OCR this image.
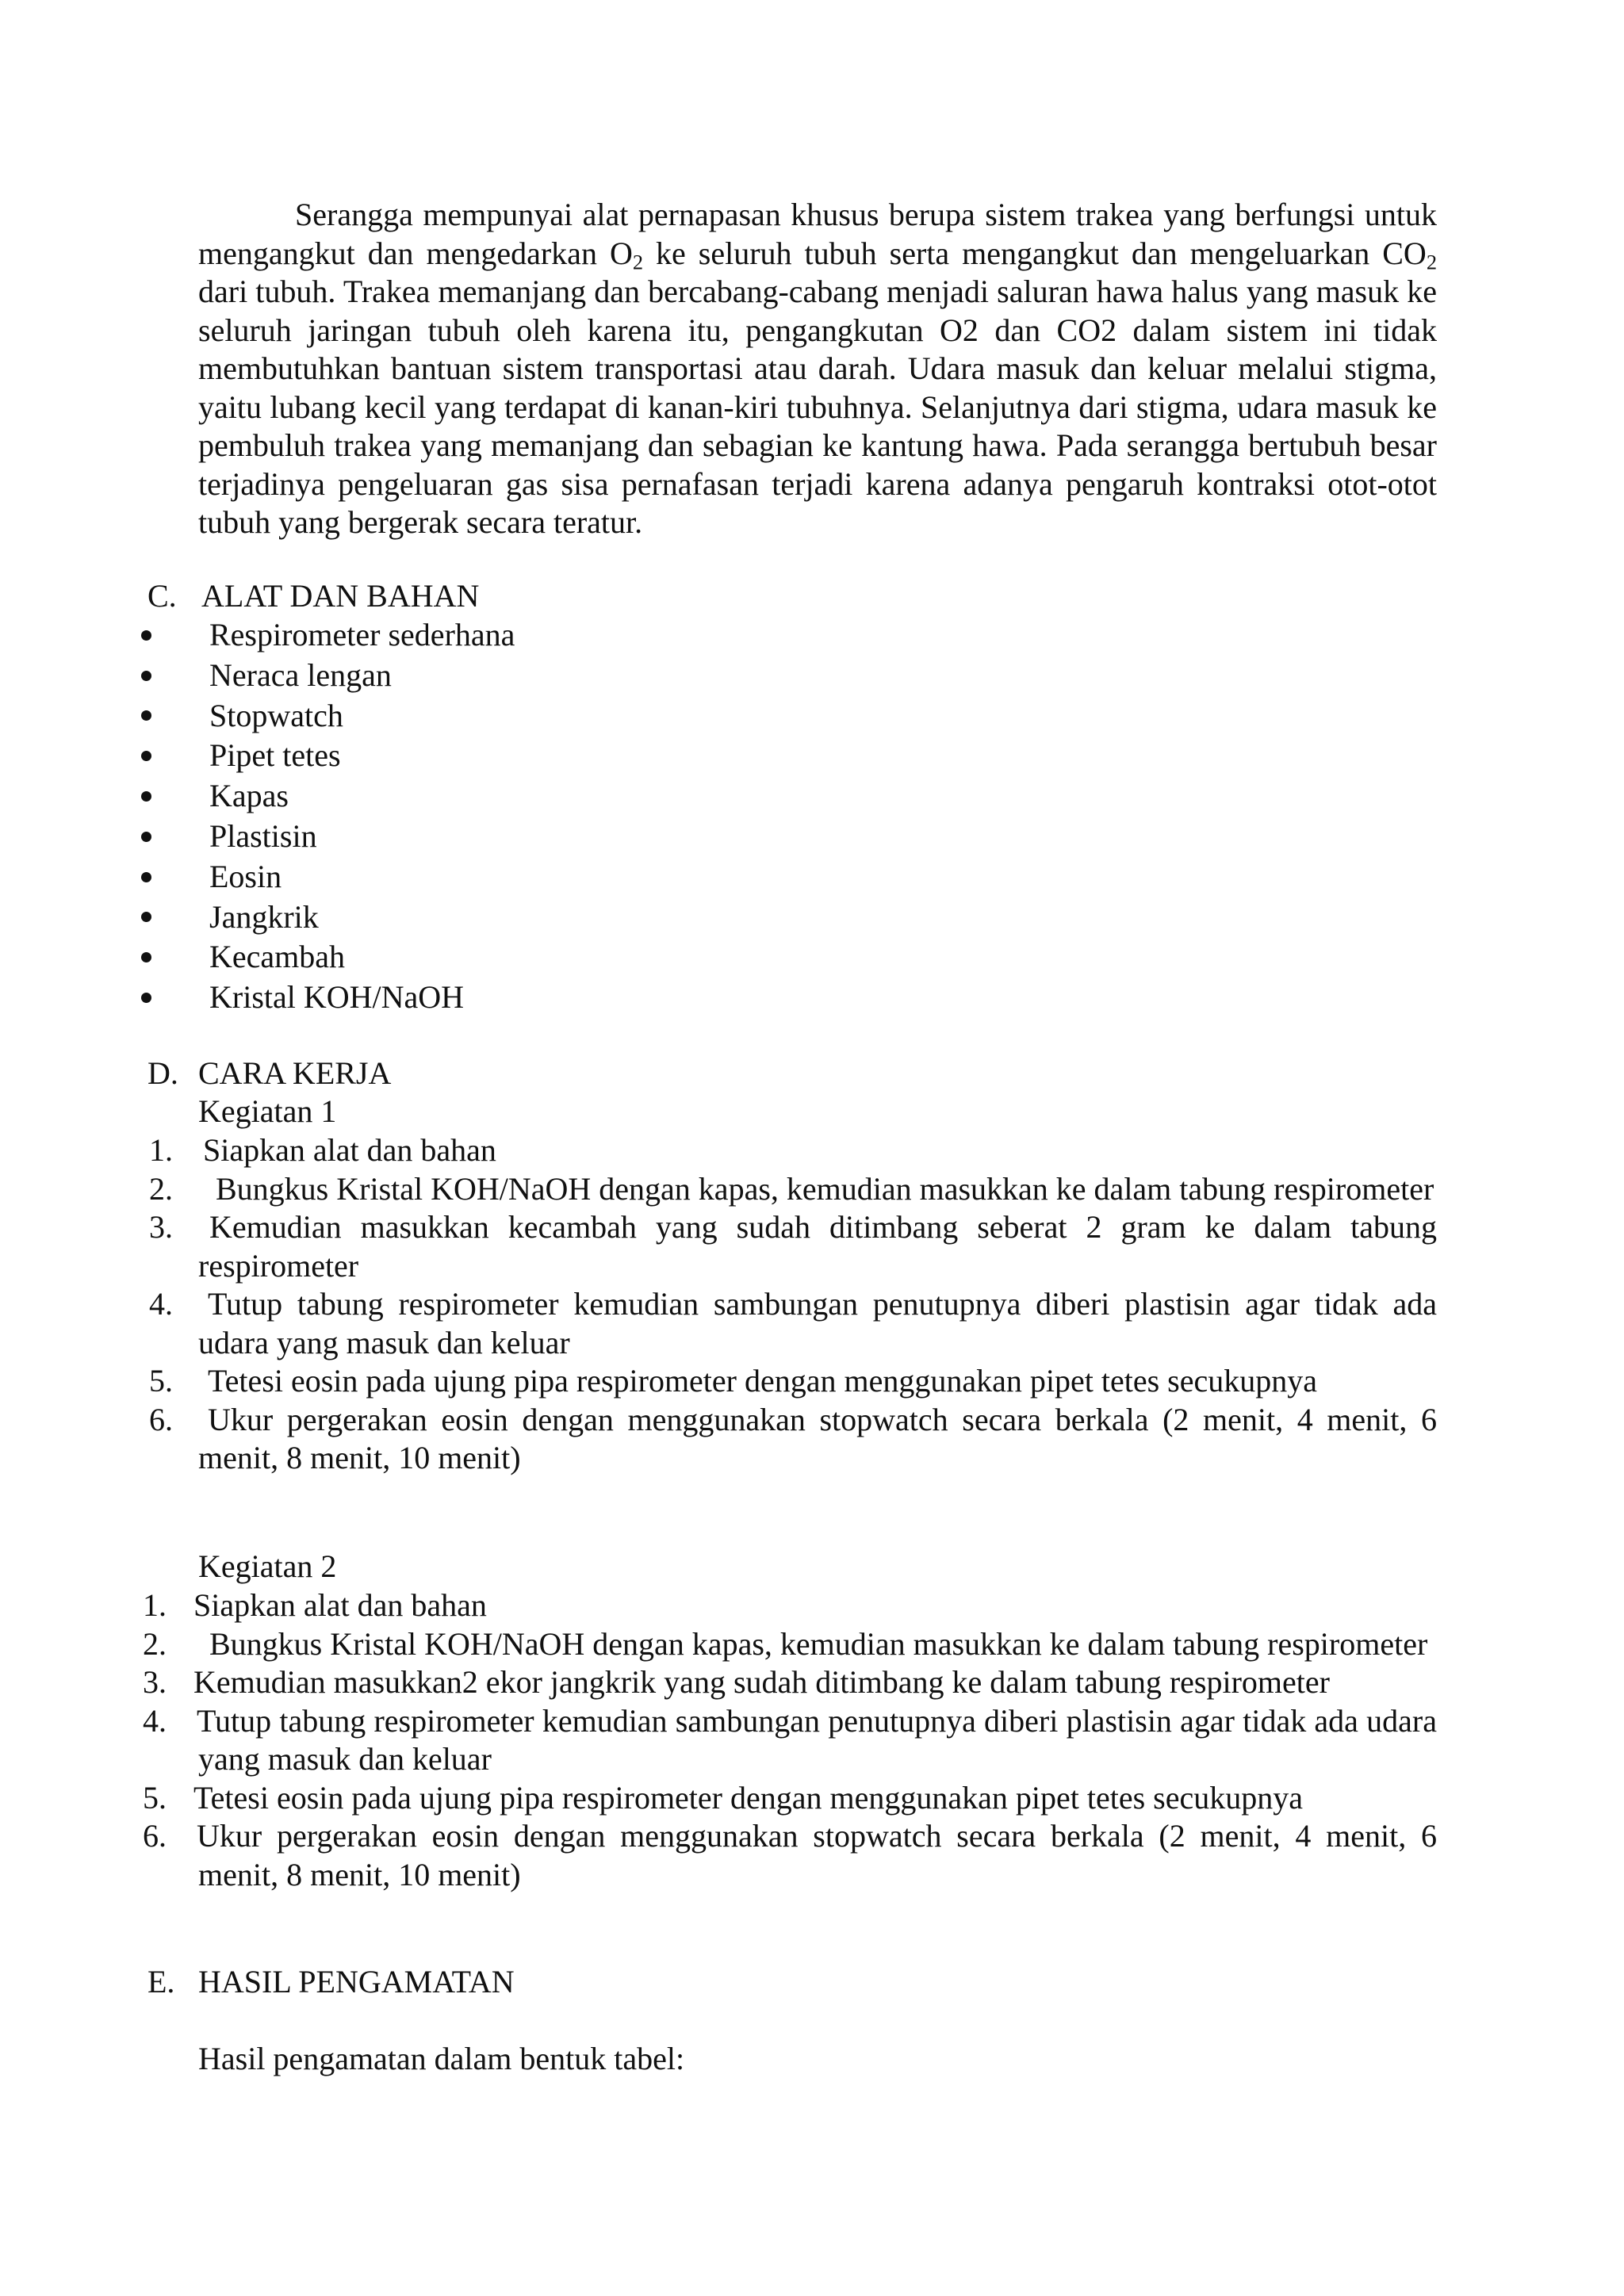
Serangga mempunyai alat pernapasan khusus berupa sistem trakea yang berfungsi untuk mengangkut dan mengedarkan $O_2$ ke seluruh tubuh serta mengangkut dan mengeluarkan $CO_2$ dari tubuh. Trakea memanjang dan bercabang-cabang menjadi saluran hawa halus yang masuk ke seluruh jaringan tubuh oleh karena itu, pengangkutan O2 dan CO2 dalam sistem ini tidak membutuhkan bantuan sistem transportasi atau darah. Udara masuk dan keluar melalui stigma, yaitu lubang kecil yang terdapat di kanan-kiri tubuhnya. Selanjutnya dari stigma, udara masuk ke pembuluh trakea yang memanjang dan sebagian ke kantung hawa. Pada serangga bertubuh besar terjadinya pengeluaran gas sisa pernafasan terjadi karena adanya pengaruh kontraksi otot-otot tubuh yang bergerak secara teratur.

C. ALAT DAN BAHAN
Respirometer sederhana
Neraca lengan
Stopwatch
Pipet tetes
Kapas
Plastisin
Eosin
Jangkrik
Kecambah
Kristal KOH/NaOH
D. CARA KERJA

Kegiatan 1

1. Siapkan alat dan bahan
2.	Bungkus Kristal KOH/NaOH dengan kapas, kemudian masukkan ke dalam tabung respirometer
3.	Kemudian masukkan kecambah yang sudah ditimbang seberat 2 gram ke dalam tabung respirometer
4.	Tutup tabung respirometer kemudian sambungan penutupnya diberi plastisin agar tidak ada udara yang masuk dan keluar
5.	Tetesi eosin pada ujung pipa respirometer dengan menggunakan pipet tetes secukupnya
6.	Ukur pergerakan eosin dengan menggunakan stopwatch secara berkala (2 menit, 4 menit, 6 menit, 8 menit, 10 menit)

Kegiatan 2

1. Siapkan alat dan bahan
2.	Bungkus Kristal KOH/NaOH dengan kapas, kemudian masukkan ke dalam tabung respirometer
3. Kemudian masukkan2 ekor jangkrik yang sudah ditimbang ke dalam tabung respirometer
4. Tutup tabung respirometer kemudian sambungan penutupnya diberi plastisin agar tidak ada udara yang masuk dan keluar
5. Tetesi eosin pada ujung pipa respirometer dengan menggunakan pipet tetes secukupnya
6. Ukur pergerakan eosin dengan menggunakan stopwatch secara berkala (2 menit, 4 menit, 6 menit, 8 menit, 10 menit)
E. HASIL PENGAMATAN

Hasil pengamatan dalam bentuk tabel:
